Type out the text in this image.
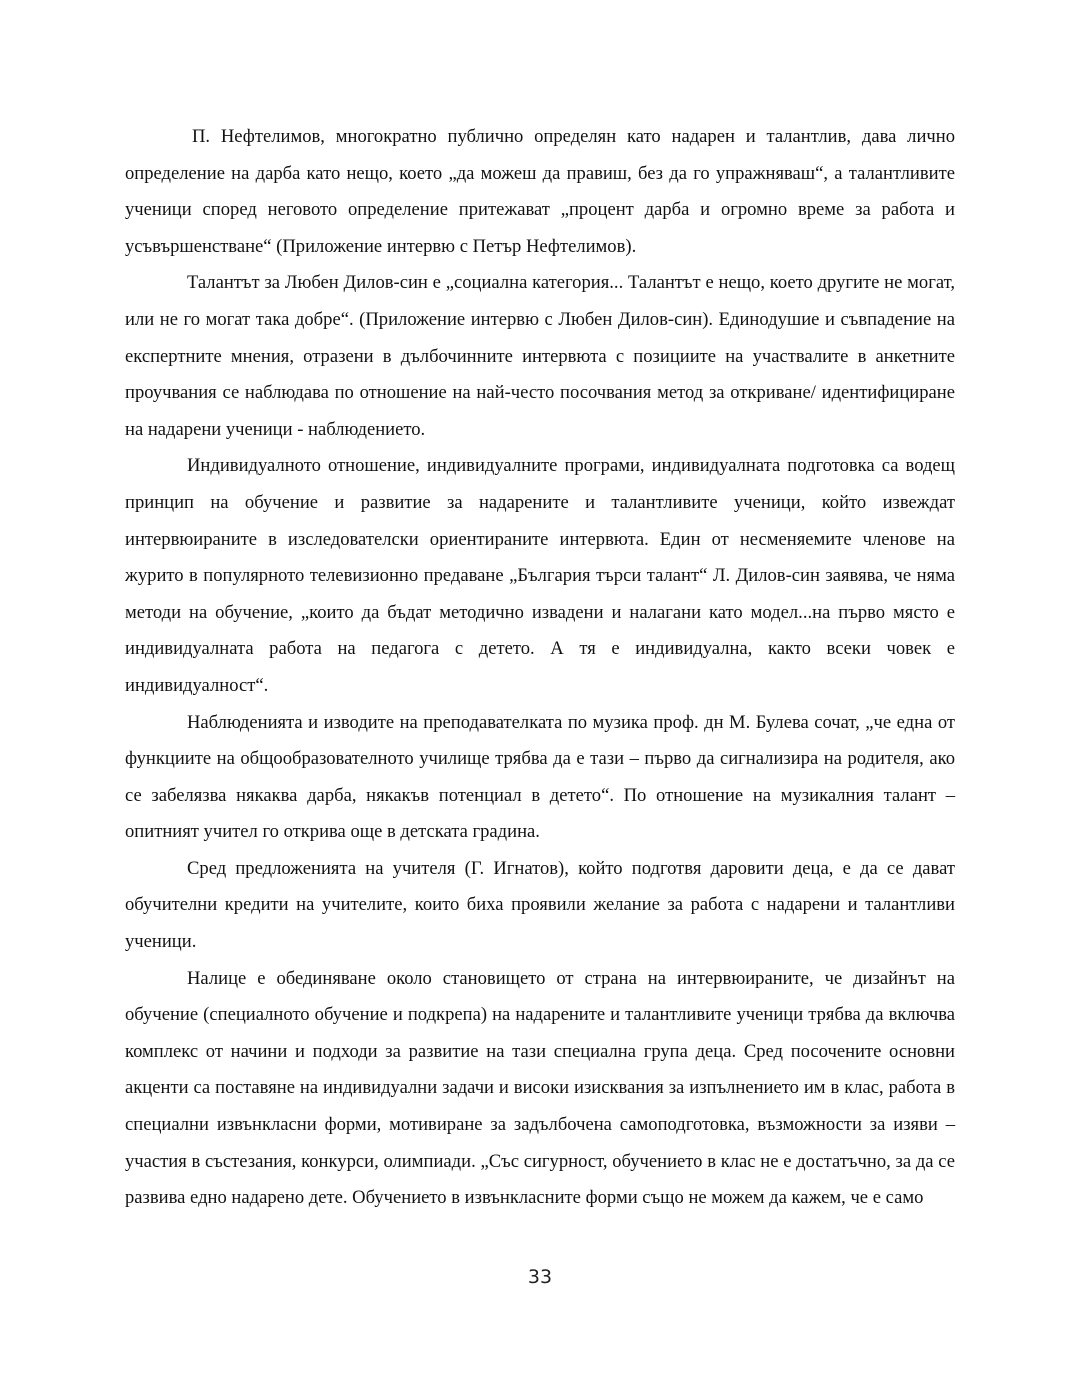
П. Нефтелимов, многократно публично определян като надарен и талантлив, дава лично определение на дарба като нещо, което „да можеш да правиш, без да го упражняваш“, а талантливите ученици според неговото определение притежават „процент дарба и огромно време за работа и усъвършенстване“ (Приложение интервю с Петър Нефтелимов).

Талантът за Любен Дилов-син е „социална категория... Талантът е нещо, което другите не могат, или не го могат така добре“. (Приложение интервю с Любен Дилов-син). Единодушие и съвпадение на експертните мнения, отразени в дълбочинните интервюта с позициите на участвалите в анкетните проучвания се наблюдава по отношение на най-често посочвания метод за откриване/ идентифициране на надарени ученици - наблюдението.

Индивидуалното отношение, индивидуалните програми, индивидуалната подготовка са водещ принцип на обучение и развитие за надарените и талантливите ученици, който извеждат интервюираните в изследователски ориентираните интервюта. Един от несменяемите членове на журито в популярното телевизионно предаване „България търси талант“ Л. Дилов-син заявява, че няма методи на обучение, „които да бъдат методично извадени и налагани като модел...на първо място е индивидуалната работа на педагога с детето. А тя е индивидуална, както всеки човек е индивидуалност“.

Наблюденията и изводите на преподавателката по музика проф. дн М. Булева сочат, „че една от функциите на общообразователното училище трябва да е тази – първо да сигнализира на родителя, ако се забелязва някаква дарба, някакъв потенциал в детето“. По отношение на музикалния талант – опитният учител го открива още в детската градина.

Сред предложенията на учителя (Г. Игнатов), който подготвя даровити деца, е да се дават обучителни кредити на учителите, които биха проявили желание за работа с надарени и талантливи ученици.

Налице е обединяване около становището от страна на интервюираните, че дизайнът на обучение (специалното обучение и подкрепа) на надарените и талантливите ученици трябва да включва комплекс от начини и подходи за развитие на тази специална група деца. Сред посочените основни акценти са поставяне на индивидуални задачи и високи изисквания за изпълнението им в клас, работа в специални извънкласни форми, мотивиране за задълбочена самоподготовка, възможности за изяви – участия в състезания, конкурси, олимпиади. „Със сигурност, обучението в клас не е достатъчно, за да се развива едно надарено дете. Обучението в извънкласните форми също не можем да кажем, че е само

33
